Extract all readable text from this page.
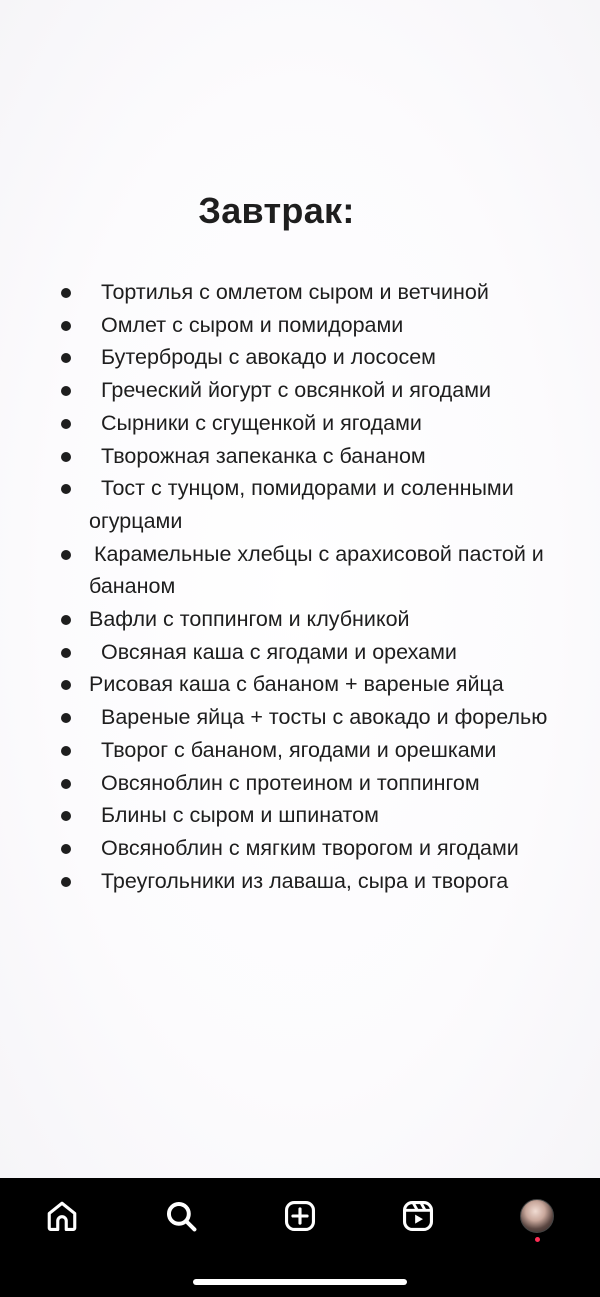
Завтрак:
Тортилья с омлетом сыром и ветчиной
Омлет с сыром и помидорами
Бутерброды с авокадо и лососем
Греческий йогурт с овсянкой и ягодами
Сырники с сгущенкой и ягодами
Творожная запеканка с бананом
Тост с тунцом, помидорами и соленными огурцами
Карамельные хлебцы с арахисовой пастой и бананом
Вафли с топпингом и клубникой
Овсяная каша с ягодами и орехами
Рисовая каша с бананом + вареные яйца
Вареные яйца + тосты с авокадо и форелью
Творог с бананом, ягодами и орешками
Овсяноблин с протеином и топпингом
Блины с сыром и шпинатом
Овсяноблин с мягким творогом и ягодами
Треугольники из лаваша, сыра и творога
